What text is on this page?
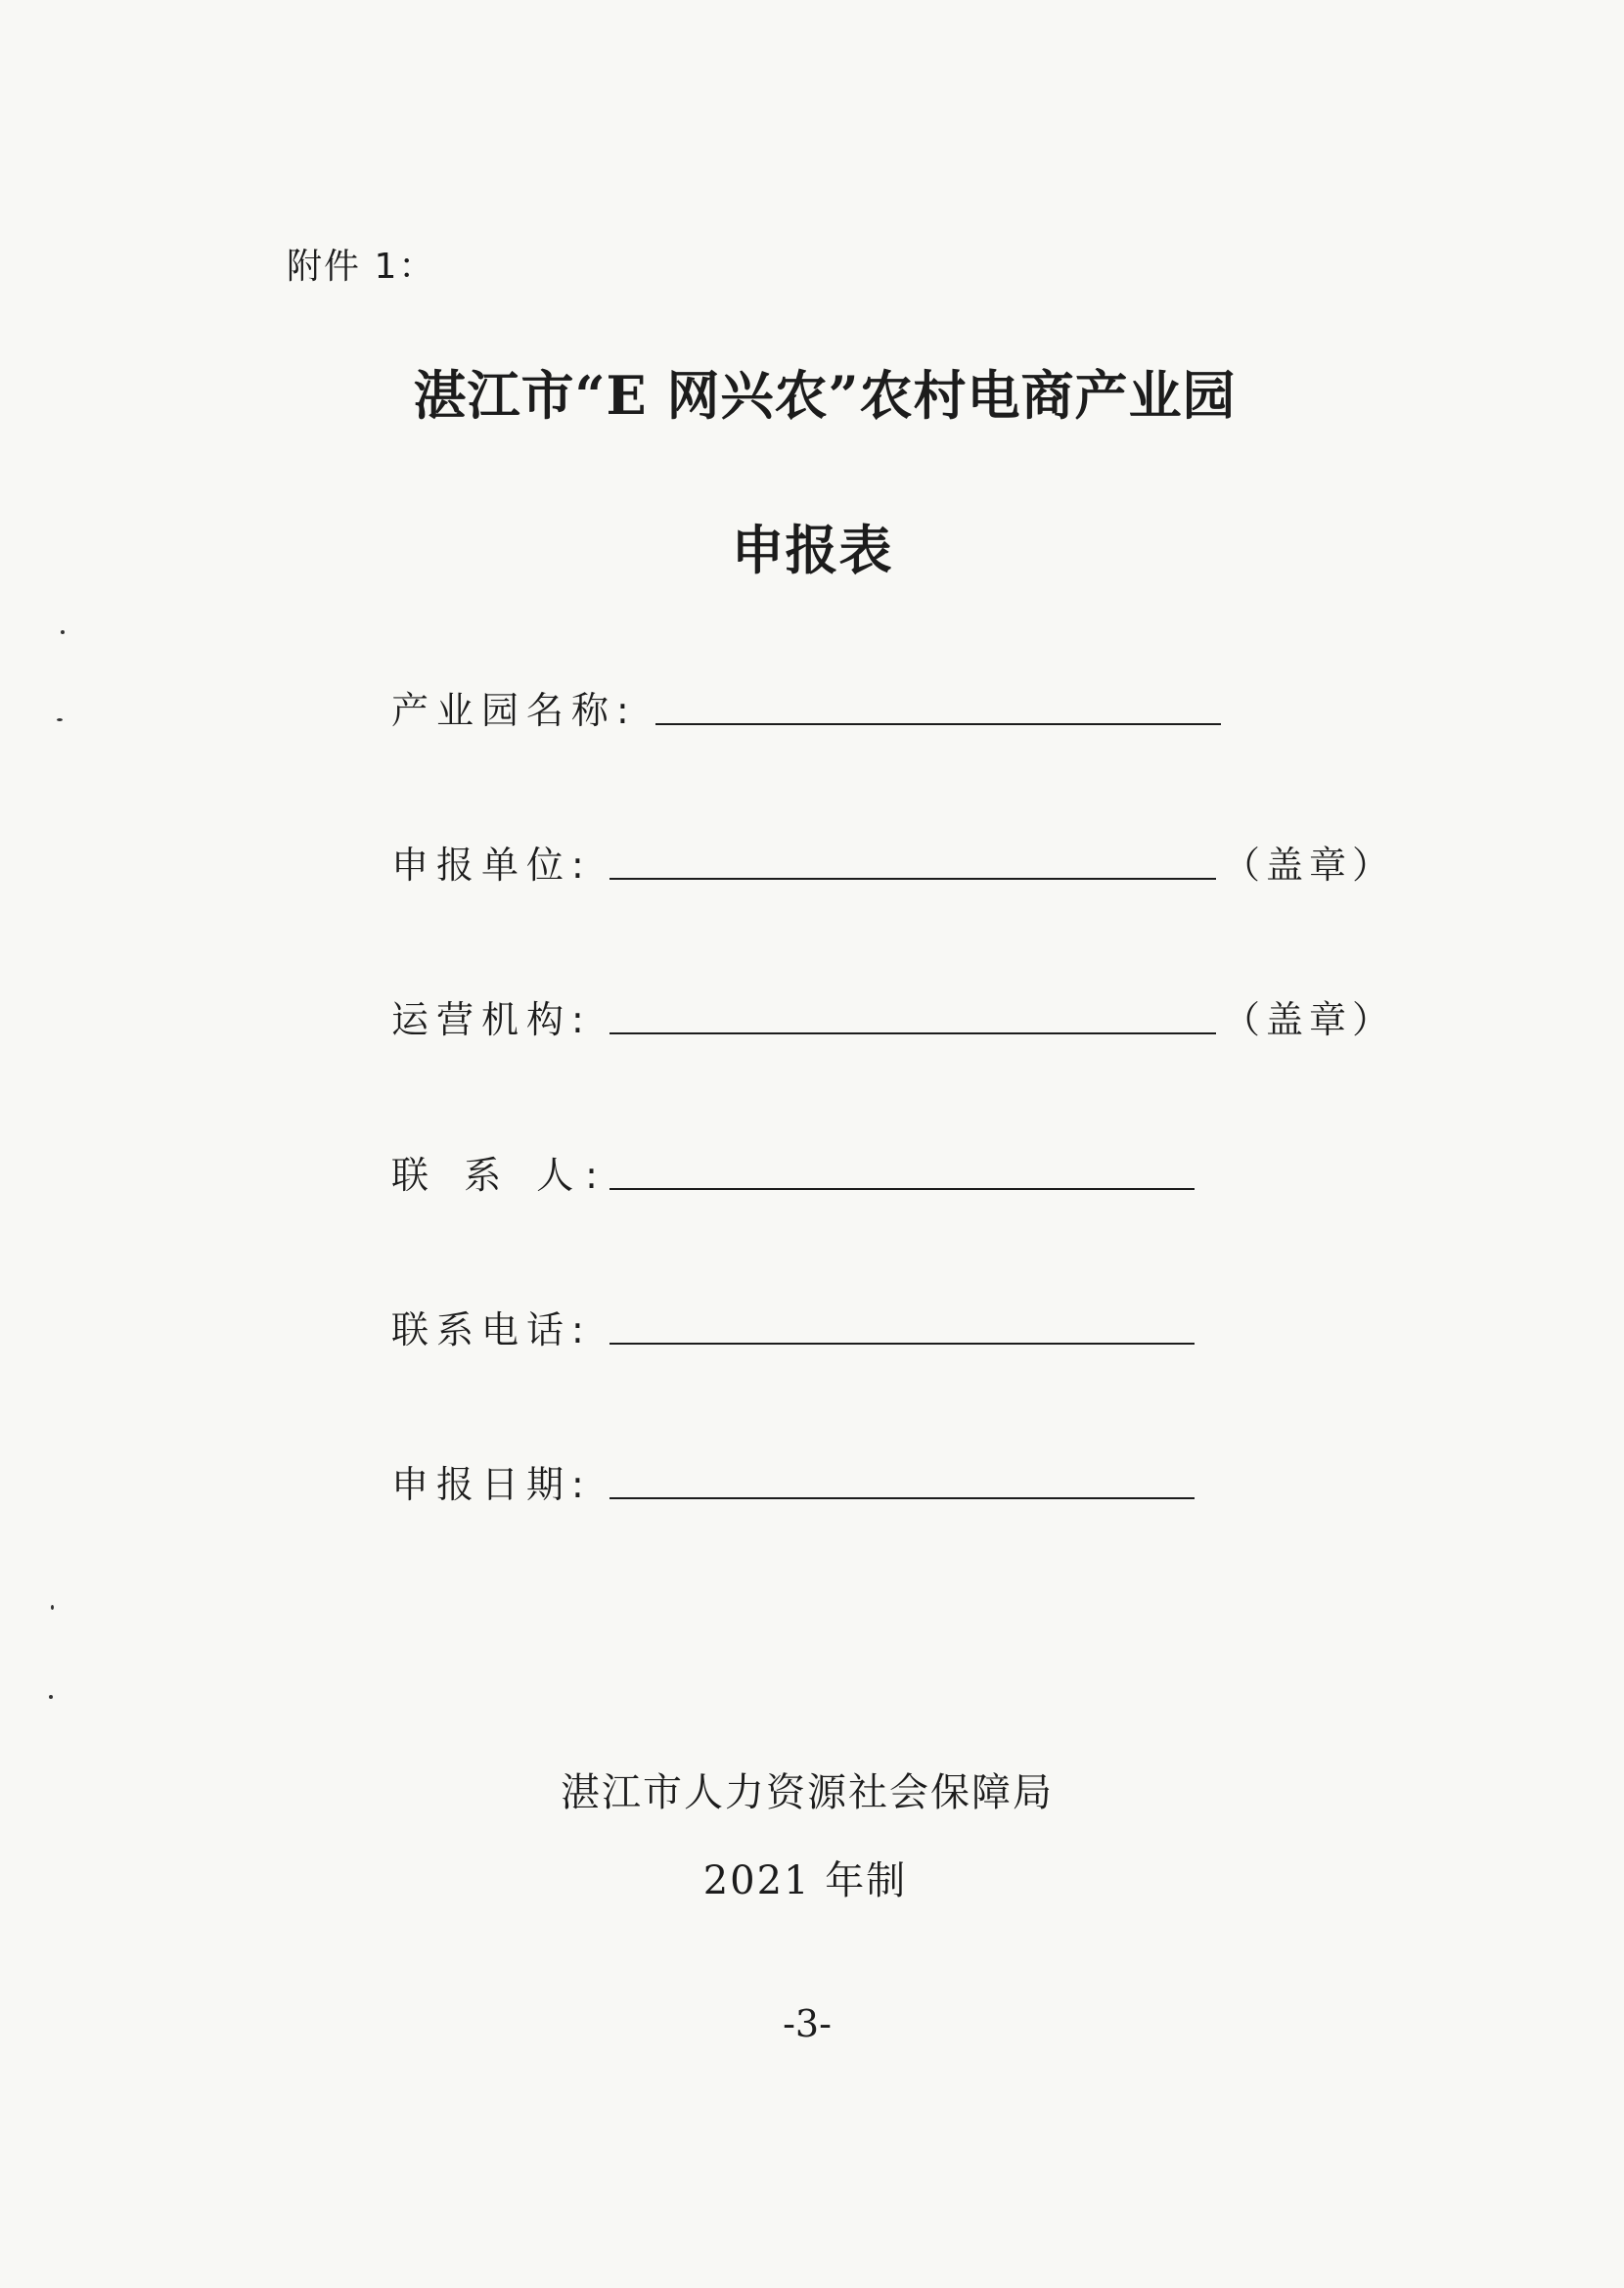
附件 1：
湛江市“E 网兴农”农村电商产业园
申报表
产业园名称:
申报单位:	（盖章）
运营机构:	（盖章）
联 系 人:
联系电话:
申报日期:
湛江市人力资源社会保障局
2021 年制
-3-
